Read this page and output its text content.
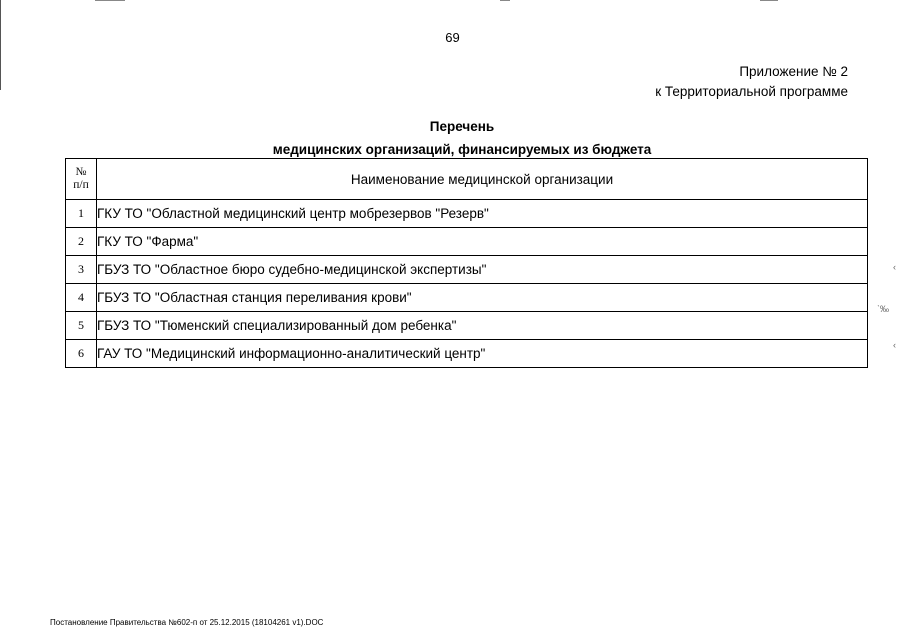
69
Приложение № 2
к Территориальной программе
Перечень
медицинских организаций, финансируемых из бюджета
№
п/п	Наименование медицинской организации
1	ГКУ ТО "Областной медицинский центр мобрезервов "Резерв"
2	ГКУ ТО "Фарма"
3	ГБУЗ ТО "Областное бюро судебно-медицинской экспертизы"
4	ГБУЗ ТО "Областная станция переливания крови"
5	ГБУЗ ТО "Тюменский специализированный дом ребенка"
6	ГАУ ТО "Медицинский информационно-аналитический центр"
‹
ˋ‰
‹
Постановление Правительства №602-п от 25.12.2015 (18104261 v1).DOC
